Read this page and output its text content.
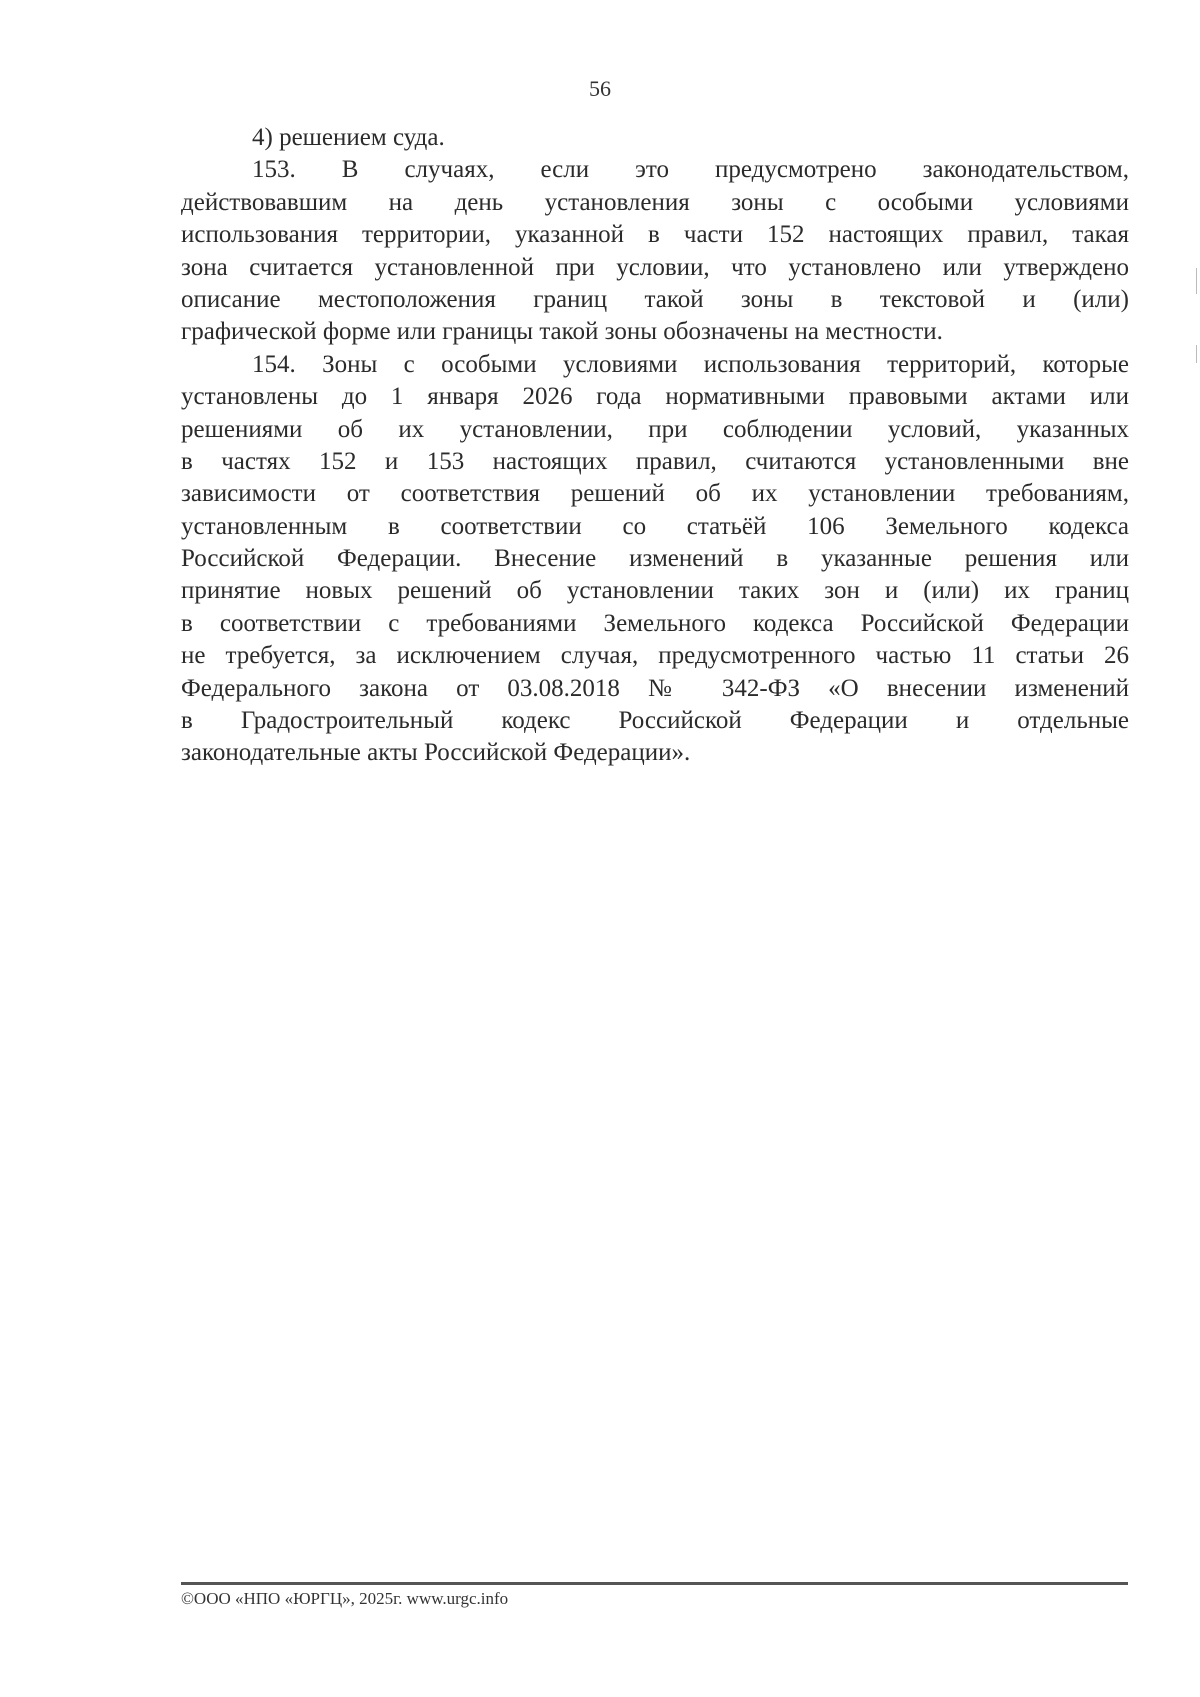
56
4) решением суда.
153. В случаях, если это предусмотрено законодательством,
действовавшим на день установления зоны с особыми условиями
использования территории, указанной в части 152 настоящих правил, такая
зона считается установленной при условии, что установлено или утверждено
описание местоположения границ такой зоны в текстовой и (или)
графической форме или границы такой зоны обозначены на местности.
154. Зоны с особыми условиями использования территорий, которые
установлены до 1 января 2026 года нормативными правовыми актами или
решениями об их установлении, при соблюдении условий, указанных
в частях 152 и 153 настоящих правил, считаются установленными вне
зависимости от соответствия решений об их установлении требованиям,
установленным в соответствии со статьёй 106 Земельного кодекса
Российской Федерации. Внесение изменений в указанные решения или
принятие новых решений об установлении таких зон и (или) их границ
в соответствии с требованиями Земельного кодекса Российской Федерации
не требуется, за исключением случая, предусмотренного частью 11 статьи 26
Федерального закона от 03.08.2018 № 342-ФЗ «О внесении изменений
в Градостроительный кодекс Российской Федерации и отдельные
законодательные акты Российской Федерации».
©ООО «НПО «ЮРГЦ», 2025г. www.urgc.info
